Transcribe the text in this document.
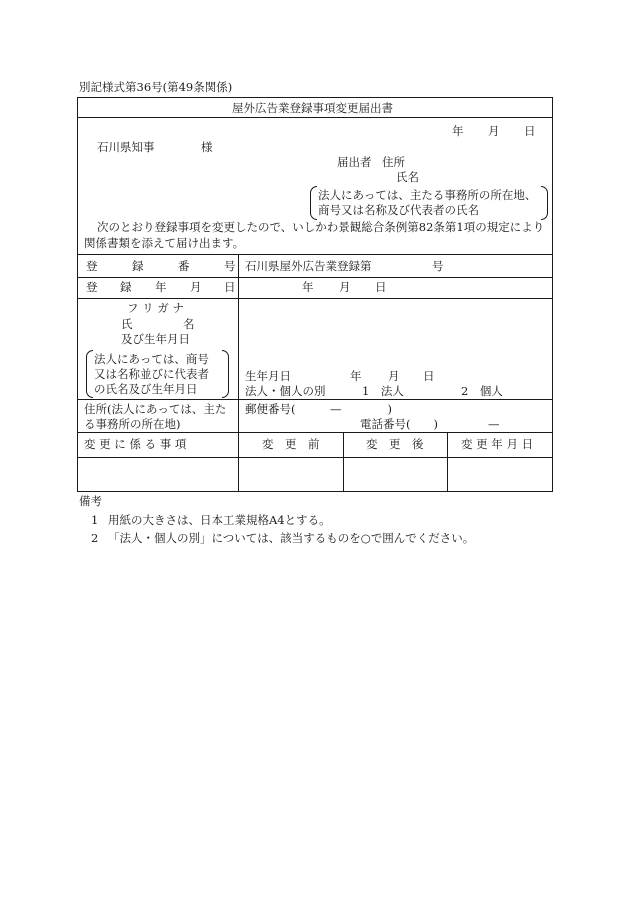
別記様式第36号(第49条関係)
屋外広告業登録事項変更届出書
年 月 日
石川県知事	様
届出者 住所
氏名
法人にあっては、主たる事務所の所在地、
商号又は名称及び代表者の氏名
次のとおり登録事項を変更したので、いしかわ景観総合条例第82条第1項の規定により
関係書類を添えて届け出ます。
登	録	番	号 石川県屋外広告業登録第	号
登 録 年 月 日	年 月 日
フ リ ガ ナ
氏	名
及び生年月日
法人にあっては、商号
又は名称並びに代表者
の氏名及び生年月日
生年月日	年 月 日
法人・個人の別	1　法人	2　個人
住所(法人にあっては、主た
る事務所の所在地)
郵便番号(　　　—　　　　)
電話番号(　　)	—
変 更 に 係 る 事 項	変　更　前	変　更　後	変 更 年 月 日
備考
1 用紙の大きさは、日本工業規格A4とする。
2 「法人・個人の別」については、該当するものを○で囲んでください。
